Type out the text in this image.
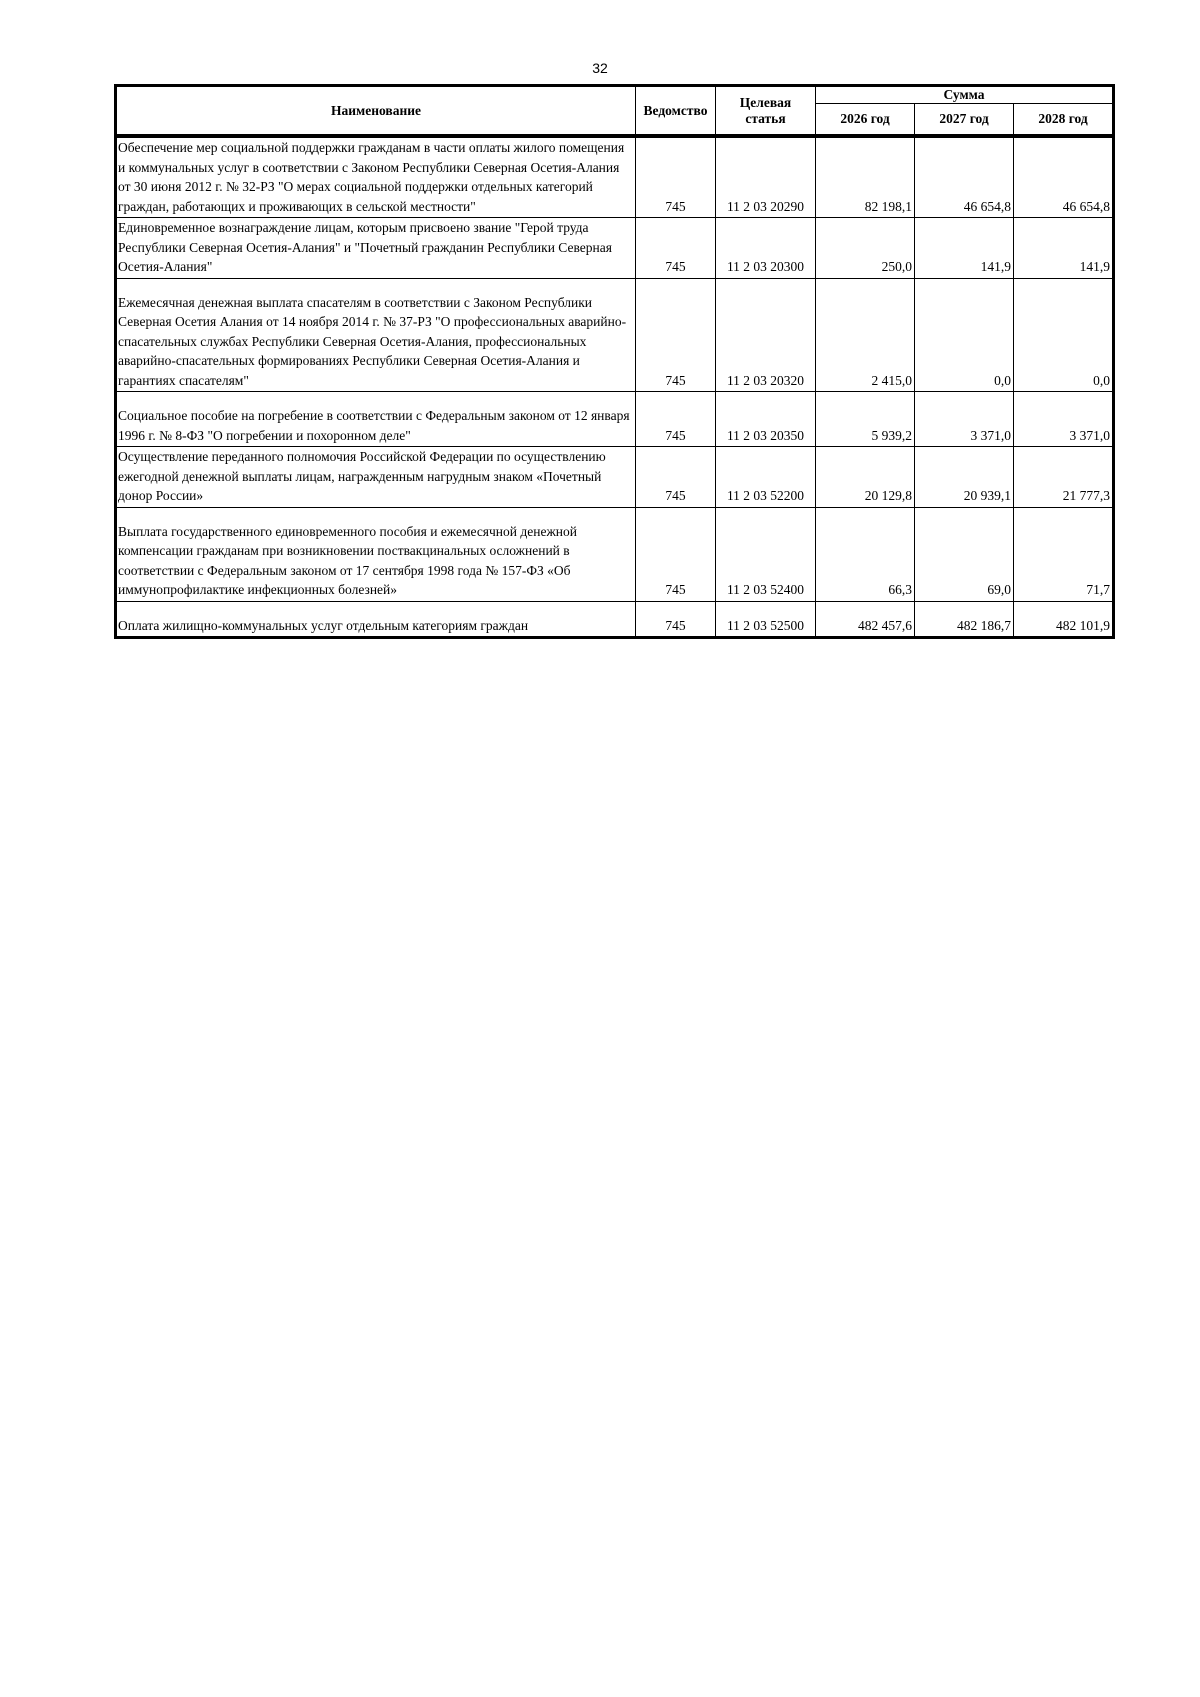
32
Наименование	Ведомство	Целевая статья	Сумма		
			2026 год	2027 год	2028 год
Обеспечение мер социальной поддержки гражданам в части оплаты жилого помещения и коммунальных услуг в соответствии с Законом Республики Северная Осетия-Алания от 30 июня 2012 г. № 32-РЗ "О мерах социальной поддержки отдельных категорий граждан, работающих и проживающих в сельской местности"	745	11 2 03 20290	82 198,1	46 654,8	46 654,8
Единовременное вознаграждение лицам, которым присвоено звание "Герой труда Республики Северная Осетия-Алания" и "Почетный гражданин Республики Северная Осетия-Алания"	745	11 2 03 20300	250,0	141,9	141,9
Ежемесячная денежная выплата спасателям в соответствии с Законом Республики Северная Осетия Алания от 14 ноября 2014 г. № 37-РЗ "О профессиональных аварийно-спасательных службах Республики Северная Осетия-Алания, профессиональных аварийно-спасательных формированиях Республики Северная Осетия-Алания и гарантиях спасателям"	745	11 2 03 20320	2 415,0	0,0	0,0
Социальное пособие на погребение в соответствии с Федеральным законом от 12 января 1996 г. № 8-ФЗ "О погребении и похоронном деле"	745	11 2 03 20350	5 939,2	3 371,0	3 371,0
Осуществление переданного полномочия Российской Федерации по осуществлению ежегодной денежной выплаты лицам, награжденным нагрудным знаком «Почетный донор России»	745	11 2 03 52200	20 129,8	20 939,1	21 777,3
Выплата государственного единовременного пособия и ежемесячной денежной компенсации гражданам при возникновении поствакцинальных осложнений в соответствии с Федеральным законом от 17 сентября 1998 года № 157-ФЗ «Об иммунопрофилактике инфекционных болезней»	745	11 2 03 52400	66,3	69,0	71,7
Оплата жилищно-коммунальных услуг отдельным категориям граждан	745	11 2 03 52500	482 457,6	482 186,7	482 101,9
